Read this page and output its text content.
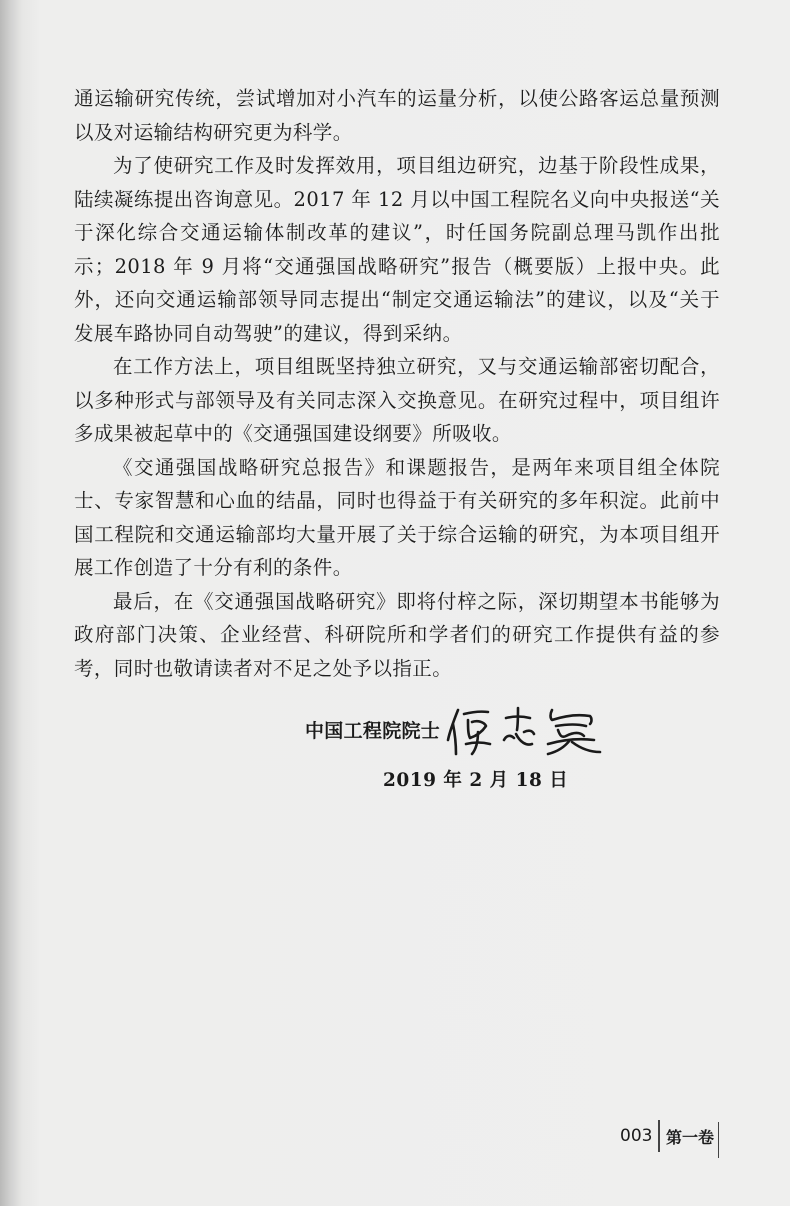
通运输研究传统，尝试增加对小汽车的运量分析，以使公路客运总量预测以及对运输结构研究更为科学。

为了使研究工作及时发挥效用，项目组边研究，边基于阶段性成果，陆续凝练提出咨询意见。2017 年 12 月以中国工程院名义向中央报送“关于深化综合交通运输体制改革的建议”，时任国务院副总理马凯作出批示；2018 年 9 月将“交通强国战略研究”报告（概要版）上报中央。此外，还向交通运输部领导同志提出“制定交通运输法”的建议，以及“关于发展车路协同自动驾驶”的建议，得到采纳。

在工作方法上，项目组既坚持独立研究，又与交通运输部密切配合，以多种形式与部领导及有关同志深入交换意见。在研究过程中，项目组许多成果被起草中的《交通强国建设纲要》所吸收。

《交通强国战略研究总报告》和课题报告，是两年来项目组全体院士、专家智慧和心血的结晶，同时也得益于有关研究的多年积淀。此前中国工程院和交通运输部均大量开展了关于综合运输的研究，为本项目组开展工作创造了十分有利的条件。

最后，在《交通强国战略研究》即将付梓之际，深切期望本书能够为政府部门决策、企业经营、科研院所和学者们的研究工作提供有益的参考，同时也敬请读者对不足之处予以指正。

中国工程院院士
2019 年 2 月 18 日
003 第一卷
